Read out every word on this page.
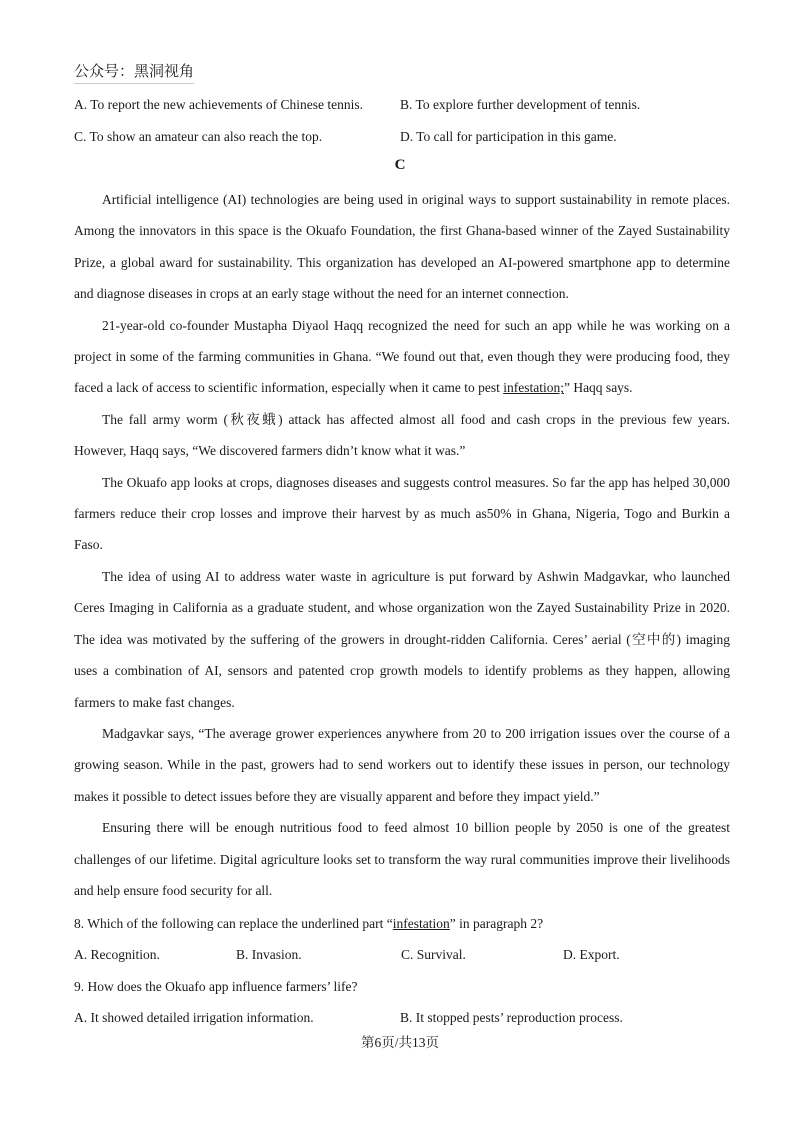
公众号：黑洞视角
A. To report the new achievements of Chinese tennis.	B. To explore further development of tennis.
C. To show an amateur can also reach the top.	D. To call for participation in this game.
C

Artificial intelligence (AI) technologies are being used in original ways to support sustainability in remote places. Among the innovators in this space is the Okuafo Foundation, the first Ghana-based winner of the Zayed Sustainability Prize, a global award for sustainability. This organization has developed an AI-powered smartphone app to determine and diagnose diseases in crops at an early stage without the need for an internet connection.

21-year-old co-founder Mustapha Diyaol Haqq recognized the need for such an app while he was working on a project in some of the farming communities in Ghana. “We found out that, even though they were producing food, they faced a lack of access to scientific information, especially when it came to pest infestation;” Haqq says.

The fall army worm (秋夜蛾) attack has affected almost all food and cash crops in the previous few years. However, Haqq says, “We discovered farmers didn’t know what it was.”

The Okuafo app looks at crops, diagnoses diseases and suggests control measures. So far the app has helped 30,000 farmers reduce their crop losses and improve their harvest by as much as50% in Ghana, Nigeria, Togo and Burkin a Faso.

The idea of using AI to address water waste in agriculture is put forward by Ashwin Madgavkar, who launched Ceres Imaging in California as a graduate student, and whose organization won the Zayed Sustainability Prize in 2020. The idea was motivated by the suffering of the growers in drought-ridden California. Ceres’ aerial (空中的) imaging uses a combination of AI, sensors and patented crop growth models to identify problems as they happen, allowing farmers to make fast changes.

Madgavkar says, “The average grower experiences anywhere from 20 to 200 irrigation issues over the course of a growing season. While in the past, growers had to send workers out to identify these issues in person, our technology makes it possible to detect issues before they are visually apparent and before they impact yield.”

Ensuring there will be enough nutritious food to feed almost 10 billion people by 2050 is one of the greatest challenges of our lifetime. Digital agriculture looks set to transform the way rural communities improve their livelihoods and help ensure food security for all.

8. Which of the following can replace the underlined part “infestation” in paragraph 2?
A. Recognition.	B. Invasion.	C. Survival.	D. Export.
9. How does the Okuafo app influence farmers’ life?
A. It showed detailed irrigation information.	B. It stopped pests’ reproduction process.
第6页/共13页
